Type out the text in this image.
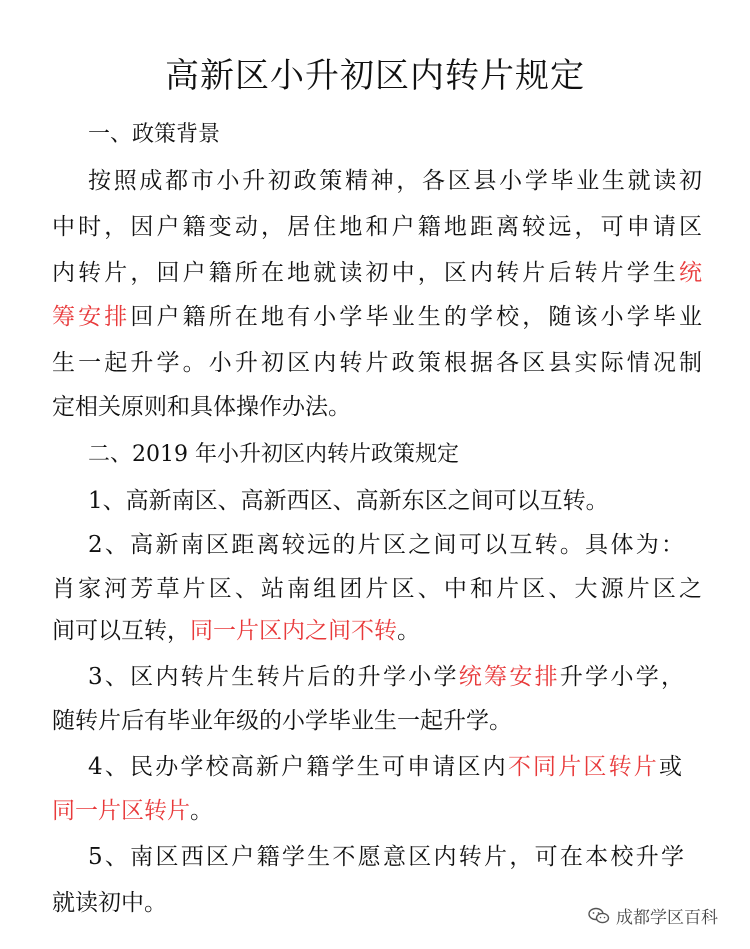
高新区小升初区内转片规定
一、政策背景
按照成都市小升初政策精神，各区县小学毕业生就读初
中时，因户籍变动，居住地和户籍地距离较远，可申请区
内转片，回户籍所在地就读初中，区内转片后转片学生统
筹安排回户籍所在地有小学毕业生的学校，随该小学毕业
生一起升学。小升初区内转片政策根据各区县实际情况制
定相关原则和具体操作办法。
二、2019 年小升初区内转片政策规定
1、高新南区、高新西区、高新东区之间可以互转。
2、高新南区距离较远的片区之间可以互转。具体为：
肖家河芳草片区、站南组团片区、中和片区、大源片区之
间可以互转，同一片区内之间不转。
3、区内转片生转片后的升学小学统筹安排升学小学，
随转片后有毕业年级的小学毕业生一起升学。
4、民办学校高新户籍学生可申请区内不同片区转片或
同一片区转片。
5、南区西区户籍学生不愿意区内转片，可在本校升学
就读初中。
成都学区百科
